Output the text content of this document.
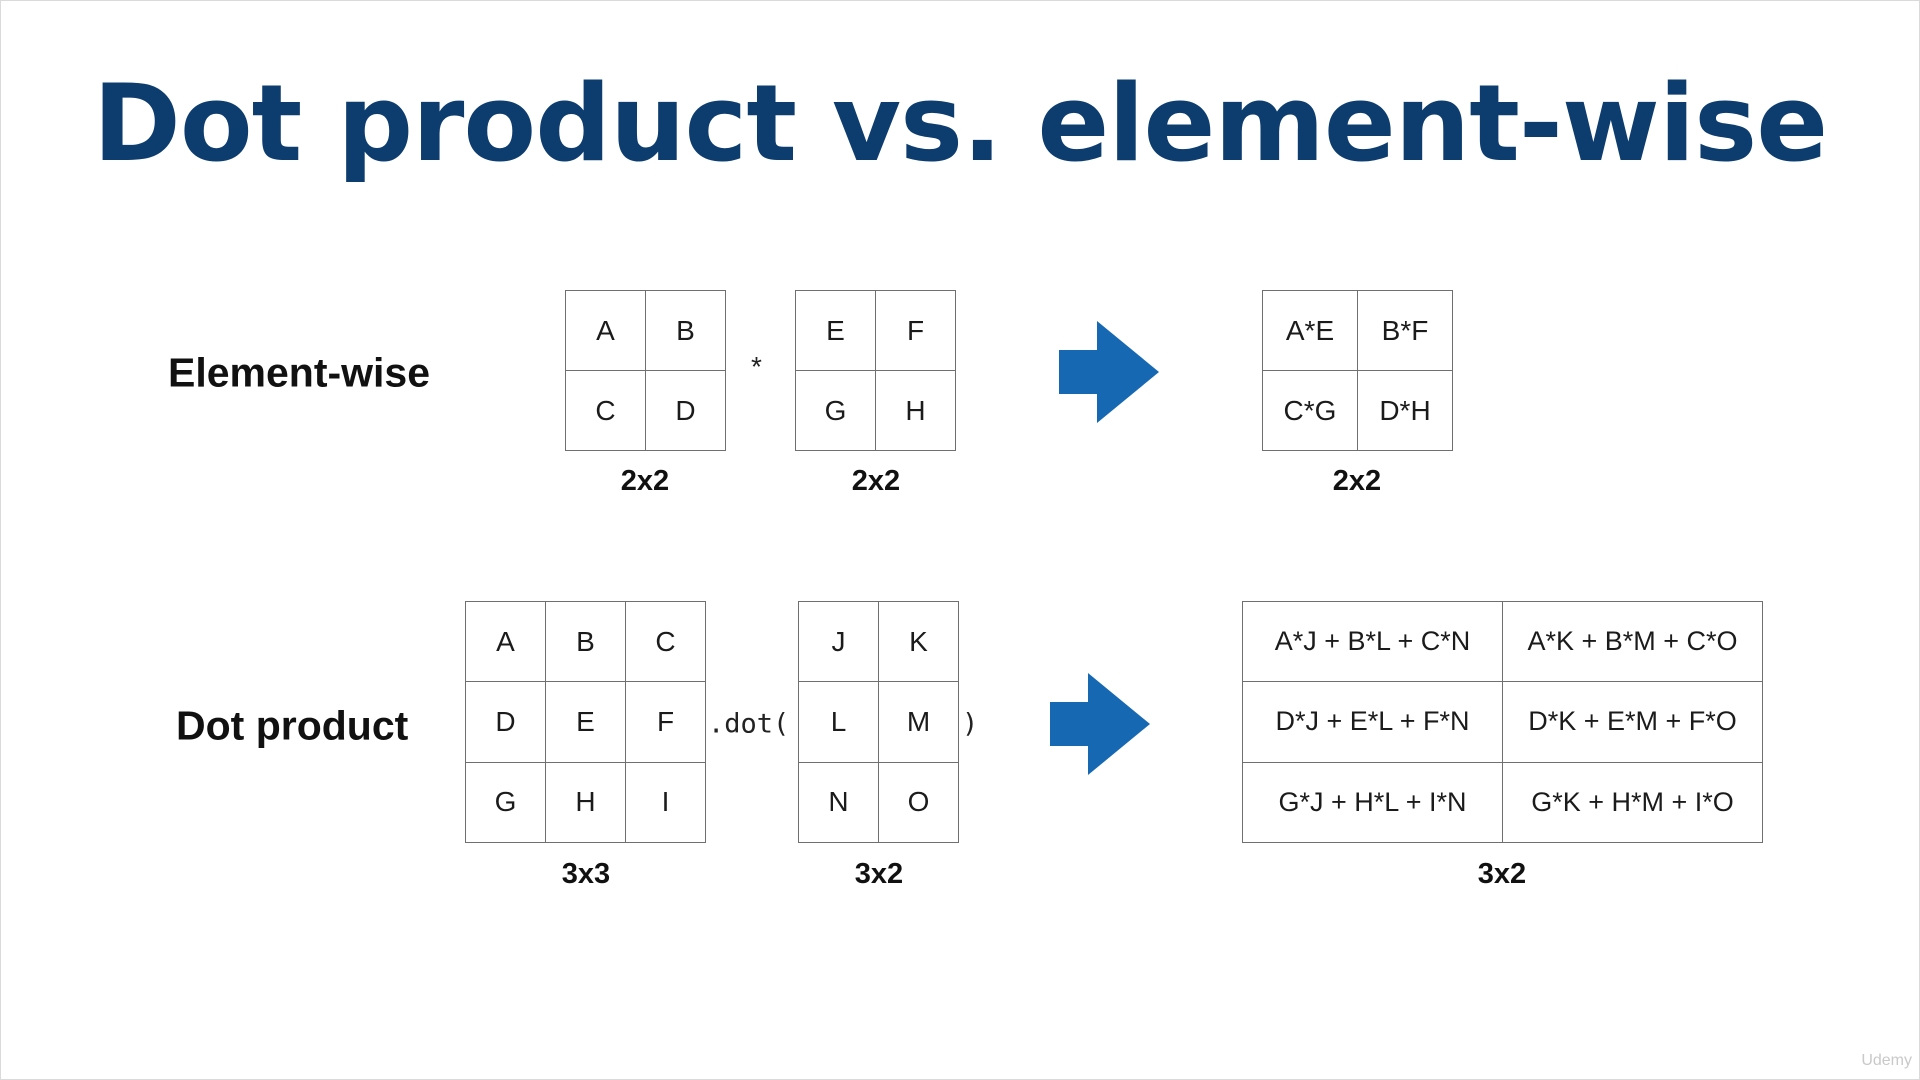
Dot product vs. element-wise
Element-wise
A	B
C	D
2x2
*
E	F
G	H
2x2
A*E	B*F
C*G	D*H
2x2
Dot product
A	B	C
D	E	F
G	H	I
3x3
.dot(
J	K
L	M
N	O
3x2
)
A*J + B*L + C*N	A*K + B*M + C*O
D*J + E*L + F*N	D*K + E*M + F*O
G*J + H*L + I*N	G*K + H*M + I*O
3x2
Udemy
